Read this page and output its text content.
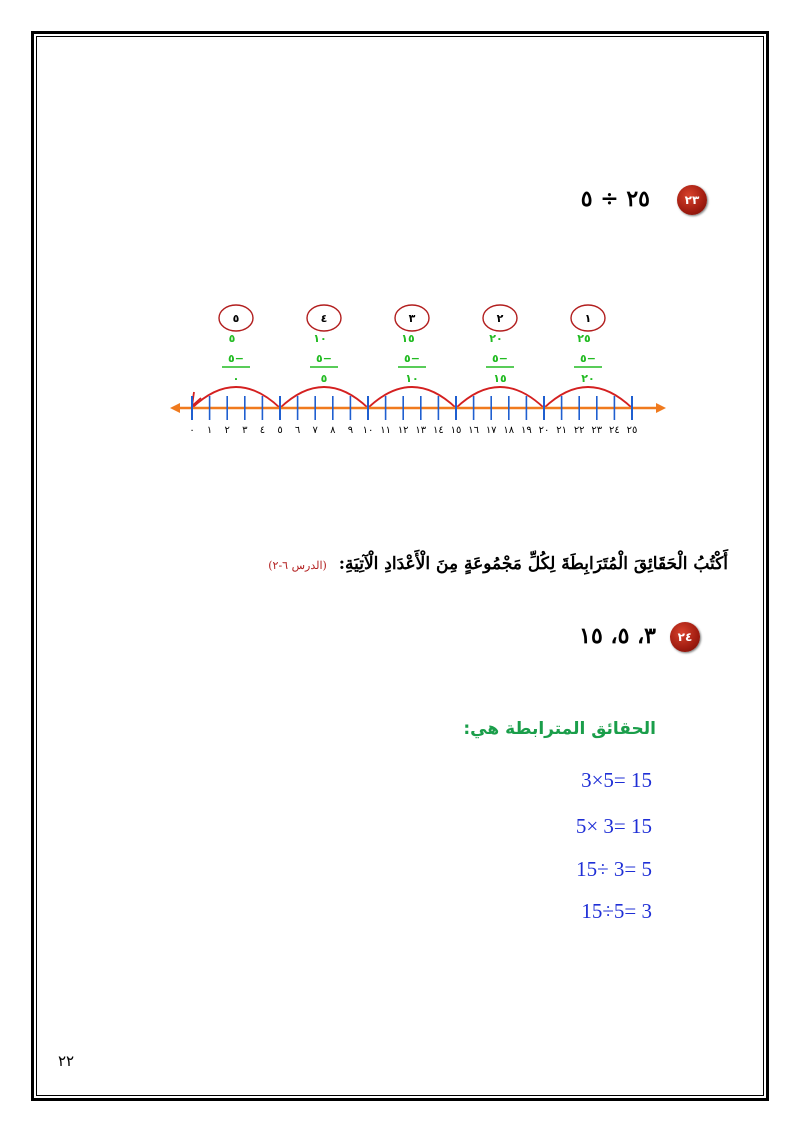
٢٣
٢٥ ÷ ٥
١
٢٥
٥−
٢٠
٢
٢٠
٥−
١٥
٣
١٥
٥−
١٠
٤
١٠
٥−
٥
٥
٥
٥−
٠
٠ ١ ٢ ٣ ٤ ٥ ٦ ٧ ٨ ٩ ١٠ ١١ ١٢ ١٣ ١٤ ١٥ ١٦ ١٧ ١٨ ١٩ ٢٠ ٢١ ٢٢ ٢٣ ٢٤ ٢٥
أَكْتُبُ الْحَقَائِقَ الْمُتَرَابِطَةَ لِكُلِّ مَجْمُوعَةٍ مِنَ الْأَعْدَادِ الْآتِيَةِ: (الدرس ٦-٢)
٢٤
٣، ٥، ١٥
الحقائق المترابطة هي:
3×5= 15
5× 3= 15
15÷ 3= 5
15÷5= 3
٢٢
